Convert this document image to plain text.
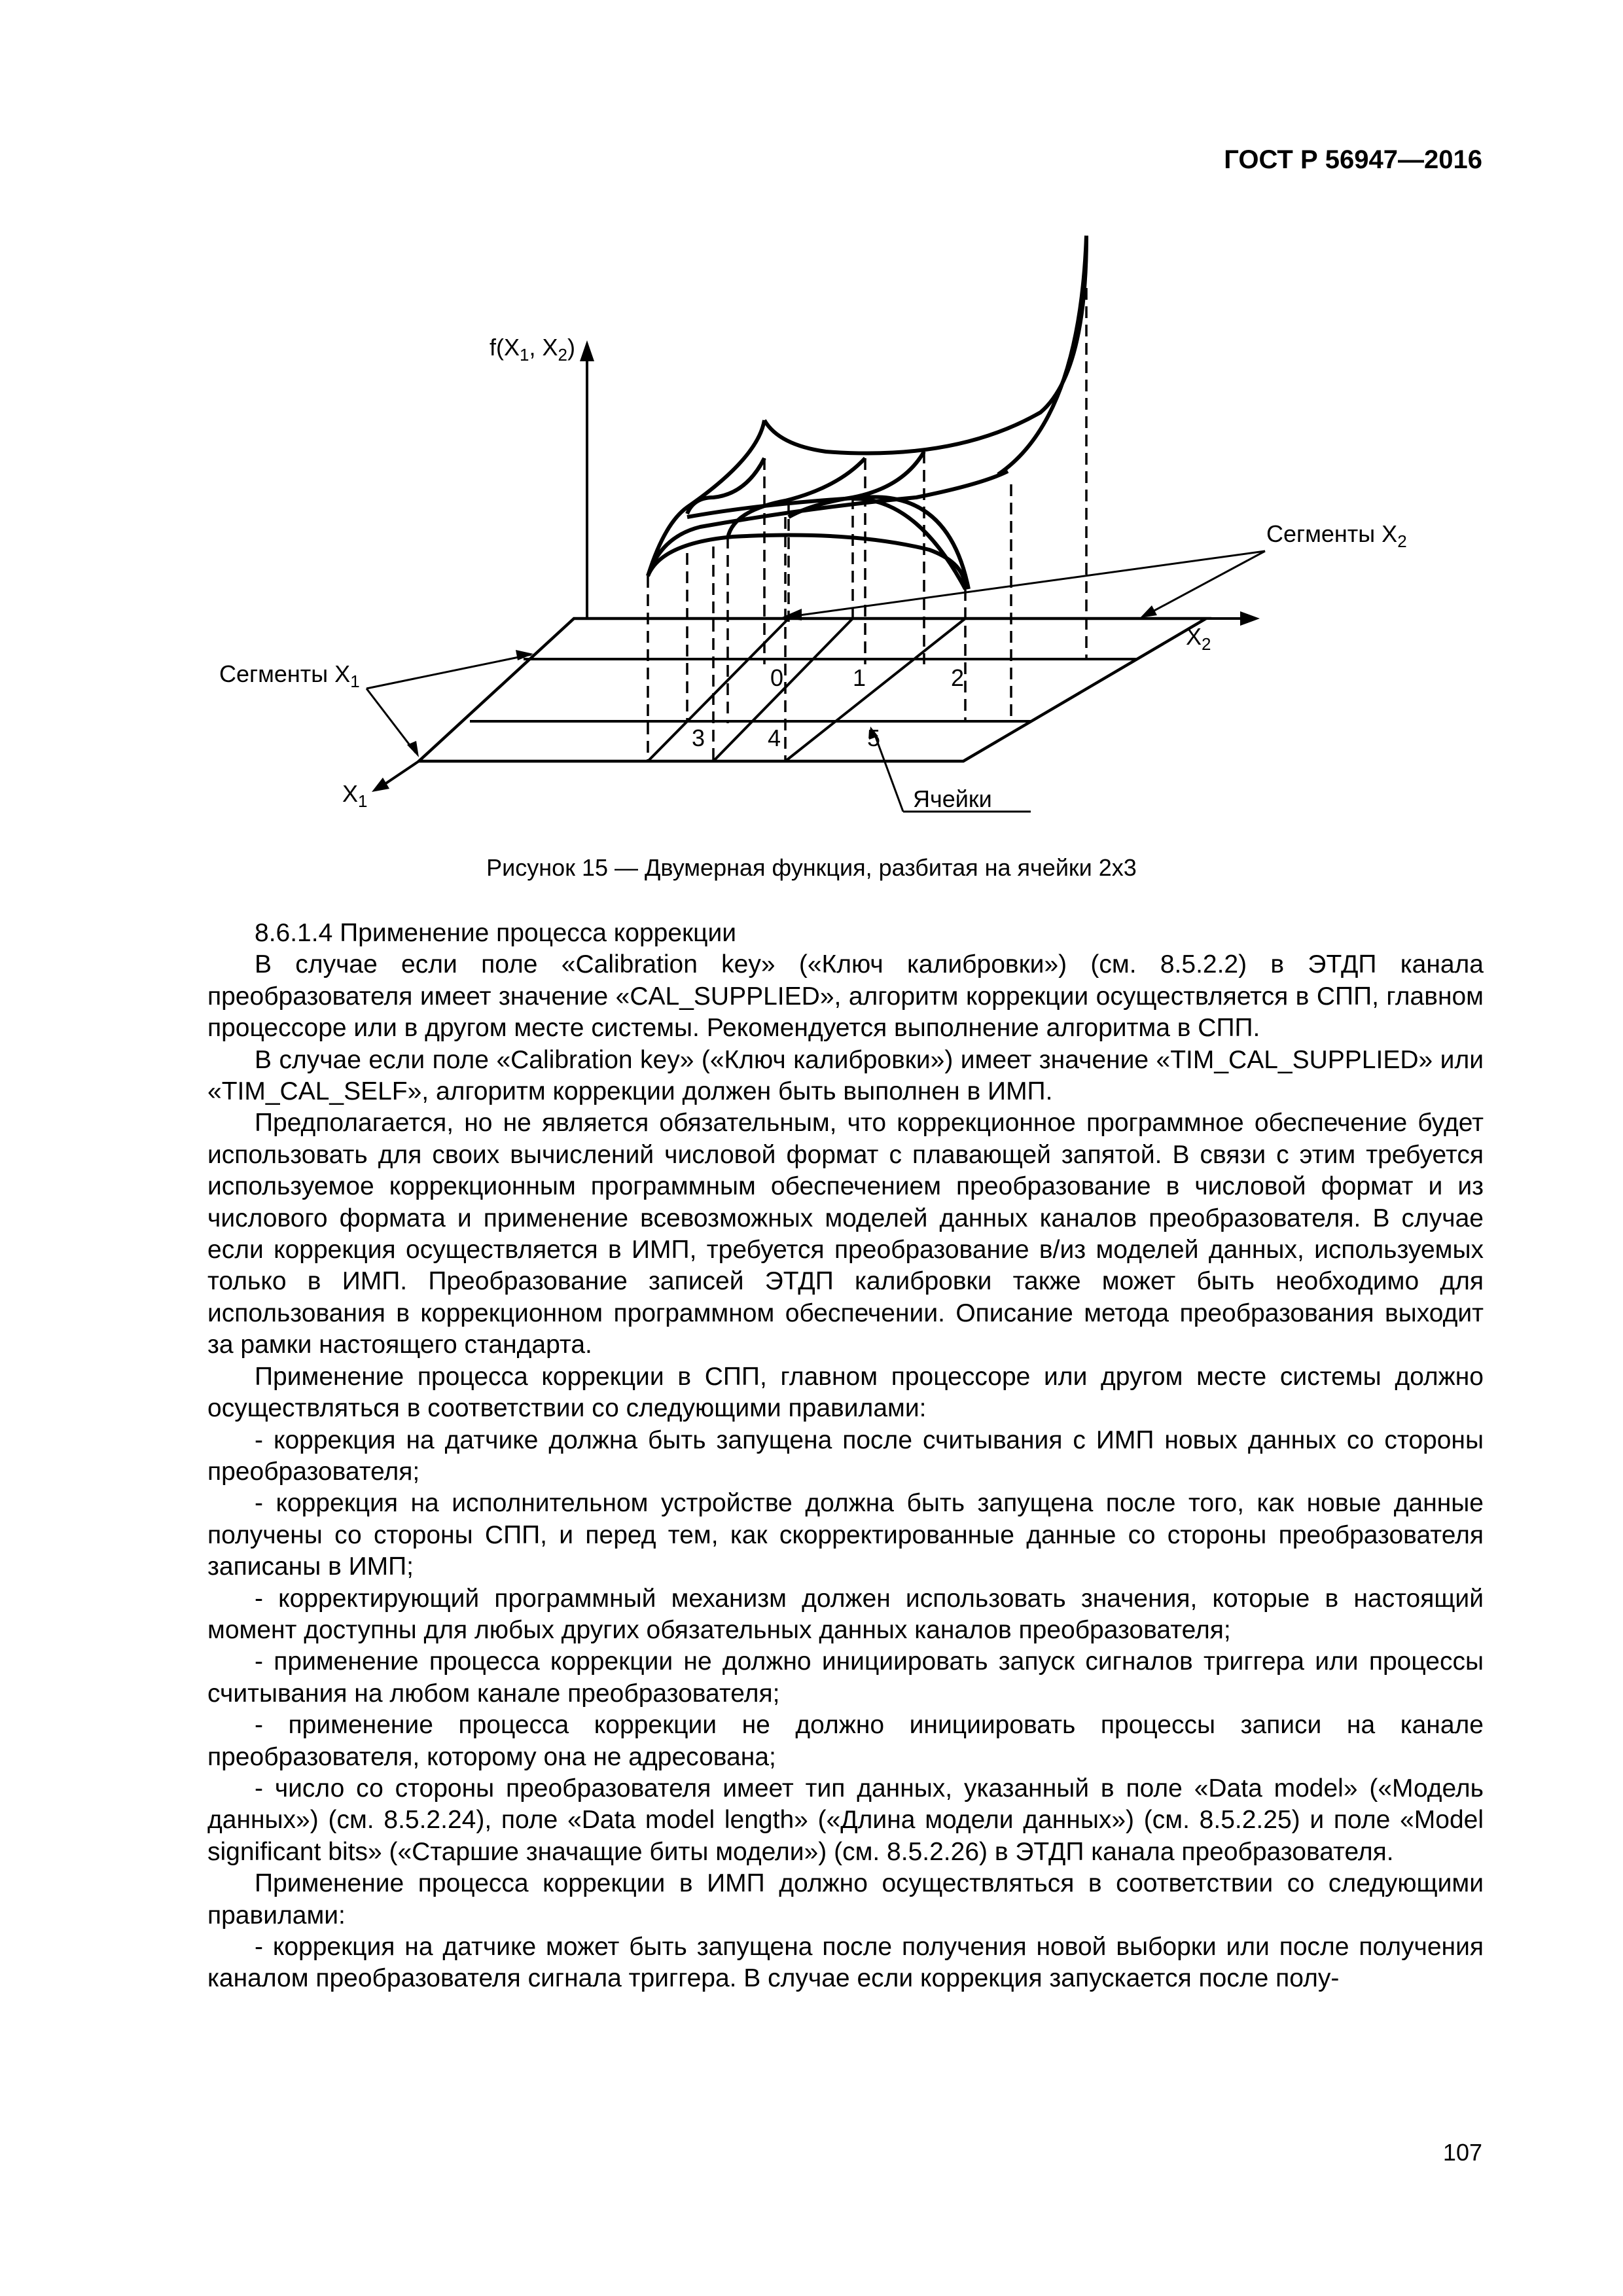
ГОСТ Р 56947—2016
$f(X_1$, $X_2$)
Сегменты $X_2$
$X_2$
Сегменты $X_1$
$X_1$	Ячейки
0	1	2
3	4	5
Рисунок 15 — Двумерная функция, разбитая на ячейки 2x3

8.6.1.4 Применение процесса коррекции

В случае если поле «Calibration key» («Ключ калибровки») (см. 8.5.2.2) в ЭТДП канала преобразователя имеет значение «CAL_SUPPLIED», алгоритм коррекции осуществляется в СПП, главном процессоре или в другом месте системы. Рекомендуется выполнение алгоритма в СПП.

В случае если поле «Calibration key» («Ключ калибровки») имеет значение «TIM_CAL_SUPPLIED» или «TIM_CAL_SELF», алгоритм коррекции должен быть выполнен в ИМП.

Предполагается, но не является обязательным, что коррекционное программное обеспечение будет использовать для своих вычислений числовой формат с плавающей запятой. В связи с этим требуется используемое коррекционным программным обеспечением преобразование в числовой формат и из числового формата и применение всевозможных моделей данных каналов преобразователя. В случае если коррекция осуществляется в ИМП, требуется преобразование в/из моделей данных, используемых только в ИМП. Преобразование записей ЭТДП калибровки также может быть необходимо для использования в коррекционном программном обеспечении. Описание метода преобразования выходит за рамки настоящего стандарта.

Применение процесса коррекции в СПП, главном процессоре или другом месте системы должно осуществляться в соответствии со следующими правилами:

- коррекция на датчике должна быть запущена после считывания с ИМП новых данных со стороны преобразователя;

- коррекция на исполнительном устройстве должна быть запущена после того, как новые данные получены со стороны СПП, и перед тем, как скорректированные данные со стороны преобразователя записаны в ИМП;

- корректирующий программный механизм должен использовать значения, которые в настоящий момент доступны для любых других обязательных данных каналов преобразователя;

- применение процесса коррекции не должно инициировать запуск сигналов триггера или процессы считывания на любом канале преобразователя;

- применение процесса коррекции не должно инициировать процессы записи на канале преобразователя, которому она не адресована;

- число со стороны преобразователя имеет тип данных, указанный в поле «Data model» («Модель данных») (см. 8.5.2.24), поле «Data model length» («Длина модели данных») (см. 8.5.2.25) и поле «Model significant bits» («Старшие значащие биты модели») (см. 8.5.2.26) в ЭТДП канала преобразователя.

Применение процесса коррекции в ИМП должно осуществляться в соответствии со следующими правилами:

- коррекция на датчике может быть запущена после получения новой выборки или после получения каналом преобразователя сигнала триггера. В случае если коррекция запускается после полу-

107
